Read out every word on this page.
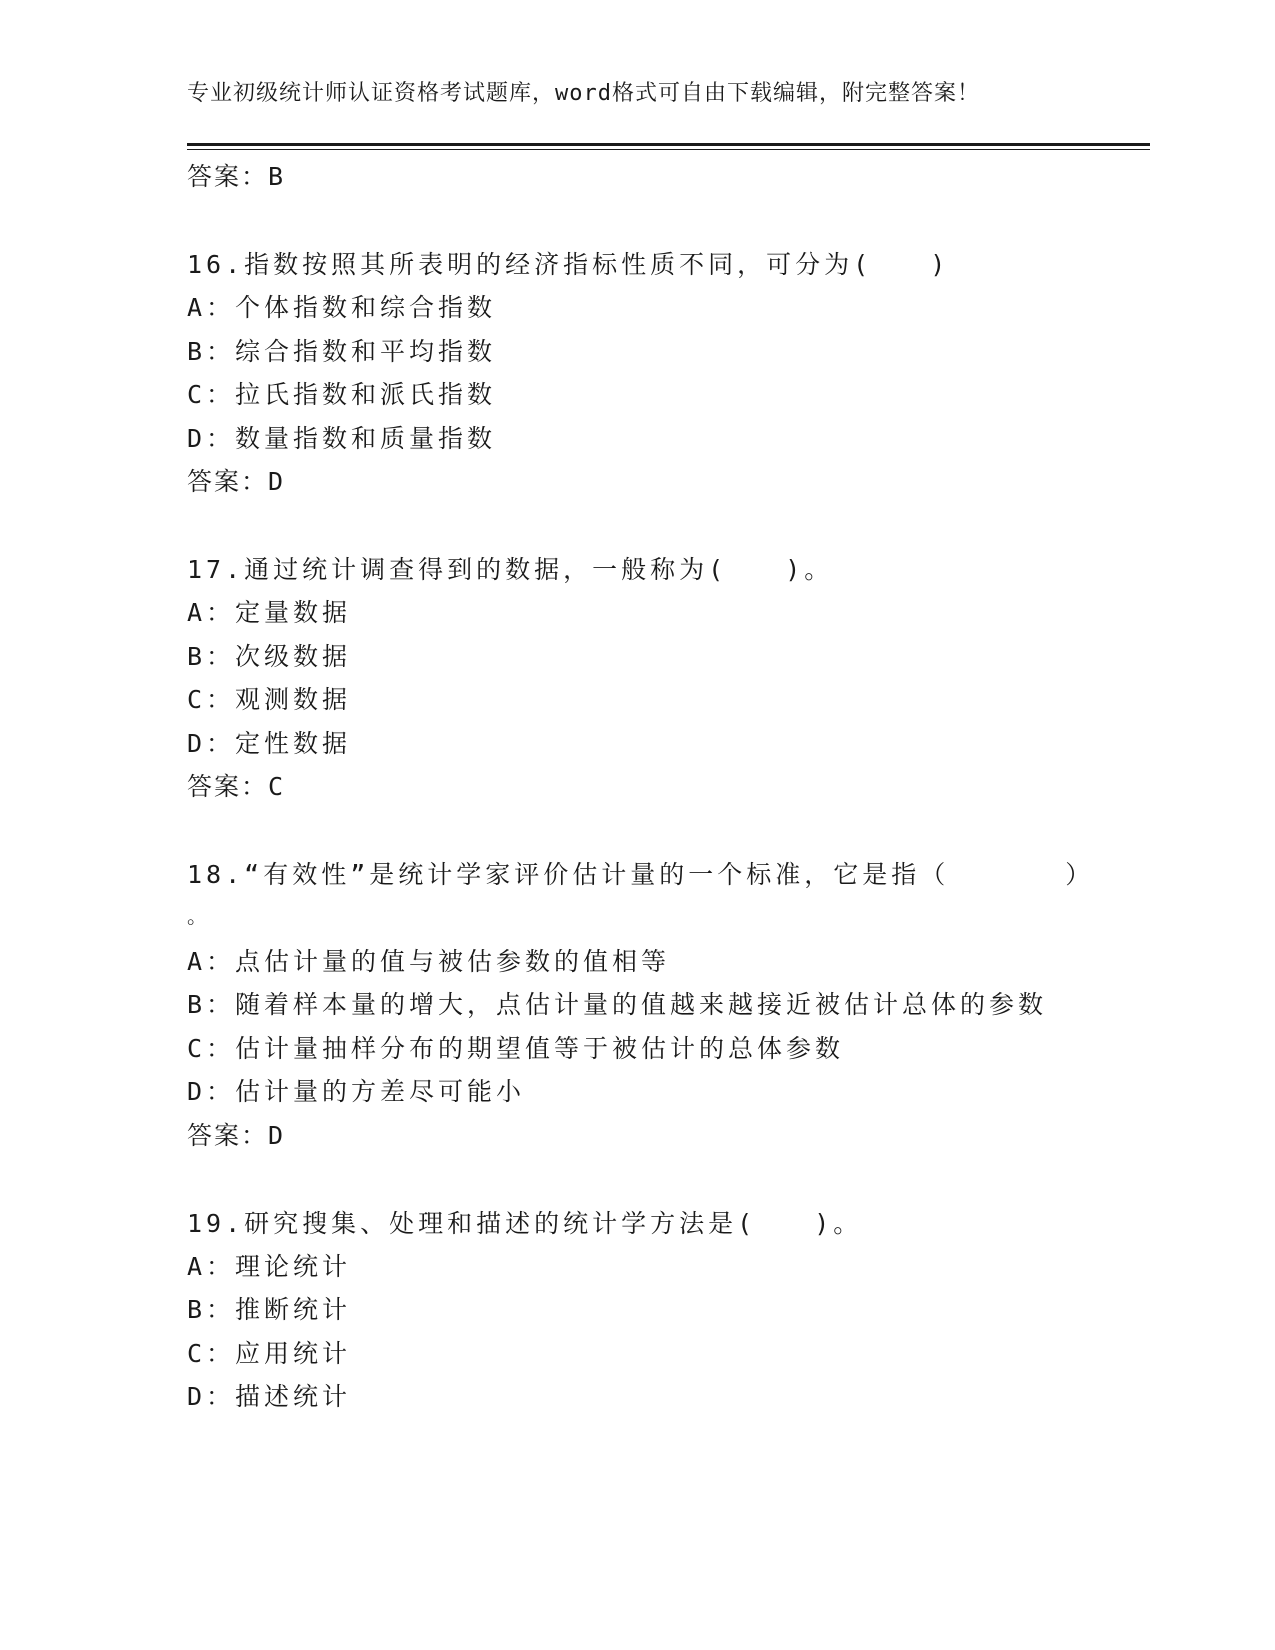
专业初级统计师认证资格考试题库，word格式可自由下载编辑，附完整答案！
答案：B
16.指数按照其所表明的经济指标性质不同，可分为(　　)
A：个体指数和综合指数
B：综合指数和平均指数
C：拉氏指数和派氏指数
D：数量指数和质量指数
答案：D
17.通过统计调查得到的数据，一般称为(　　)。
A：定量数据
B：次级数据
C：观测数据
D：定性数据
答案：C
18.“有效性”是统计学家评价估计量的一个标准，它是指（　　　　）
。
A：点估计量的值与被估参数的值相等
B：随着样本量的增大，点估计量的值越来越接近被估计总体的参数
C：估计量抽样分布的期望值等于被估计的总体参数
D：估计量的方差尽可能小
答案：D
19.研究搜集、处理和描述的统计学方法是(　　)。
A：理论统计
B：推断统计
C：应用统计
D：描述统计
